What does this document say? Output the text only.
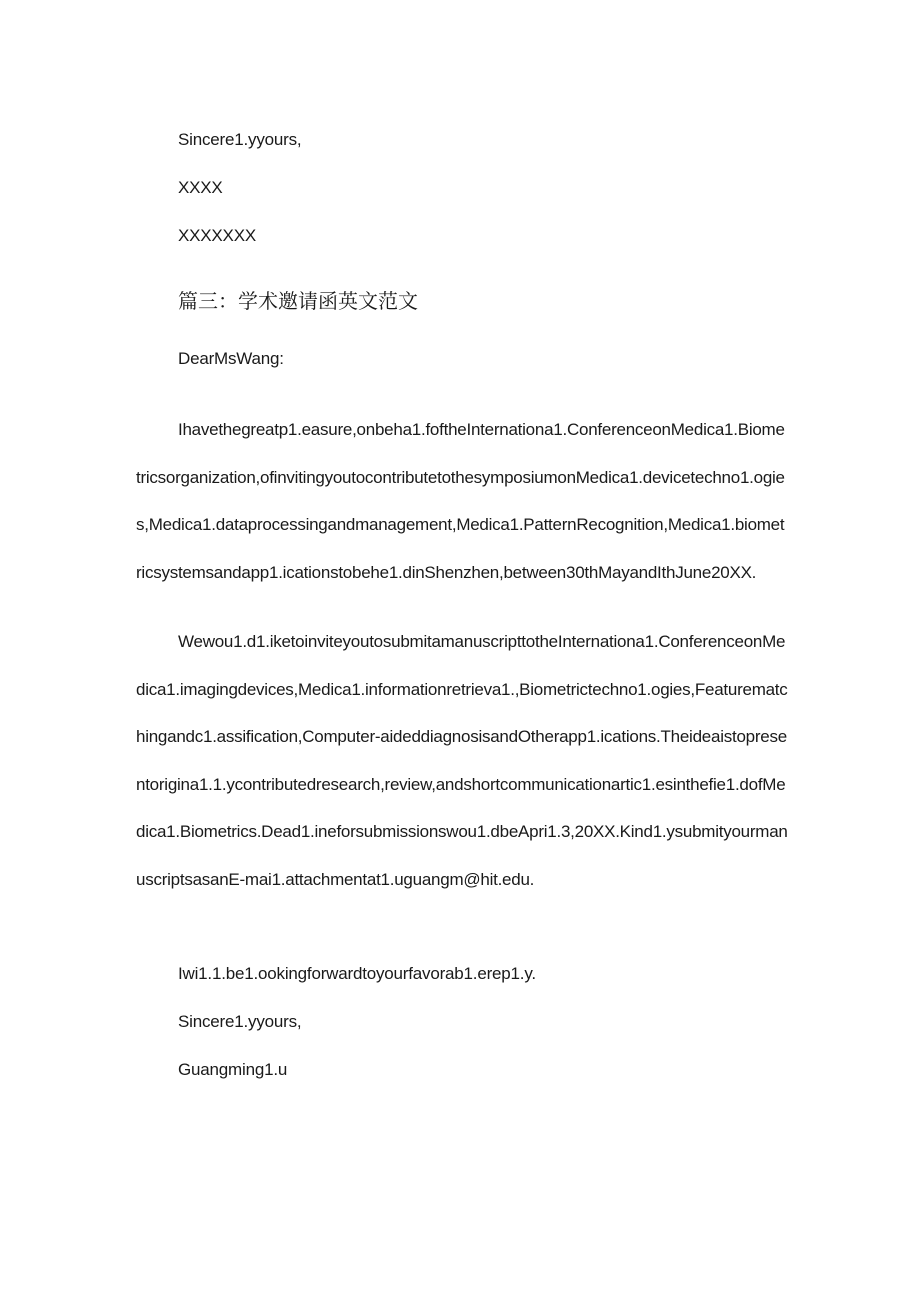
Sincere1.yyours,
XXXX
XXXXXXX
篇三：学术邀请函英文范文
DearMsWang:

Ihavethegreatp1.easure,onbeha1.foftheInternationa1.ConferenceonMedica1.Biometricsorganization,ofinvitingyoutocontributetothesymposiumonMedica1.devicetechno1.ogies,Medica1.dataprocessingandmanagement,Medica1.PatternRecognition,Medica1.biometricsystemsandapp1.icationstobehe1.dinShenzhen,between30thMayandIthJune20XX.

Wewou1.d1.iketoinviteyoutosubmitamanuscripttotheInternationa1.ConferenceonMedica1.imagingdevices,Medica1.informationretrieva1.,Biometrictechno1.ogies,Featurematchingandc1.assification,Computer-aideddiagnosisandOtherapp1.ications.Theideaistopresentorigina1.1.ycontributedresearch,review,andshortcommunicationartic1.esinthefie1.dofMedica1.Biometrics.Dead1.ineforsubmissionswou1.dbeApri1.3,20XX.Kind1.ysubmityourmanuscriptsasanE-mai1.attachmentat1.uguangm@hit.edu.

Iwi1.1.be1.ookingforwardtoyourfavorab1.erep1.y.
Sincere1.yyours,
Guangming1.u
